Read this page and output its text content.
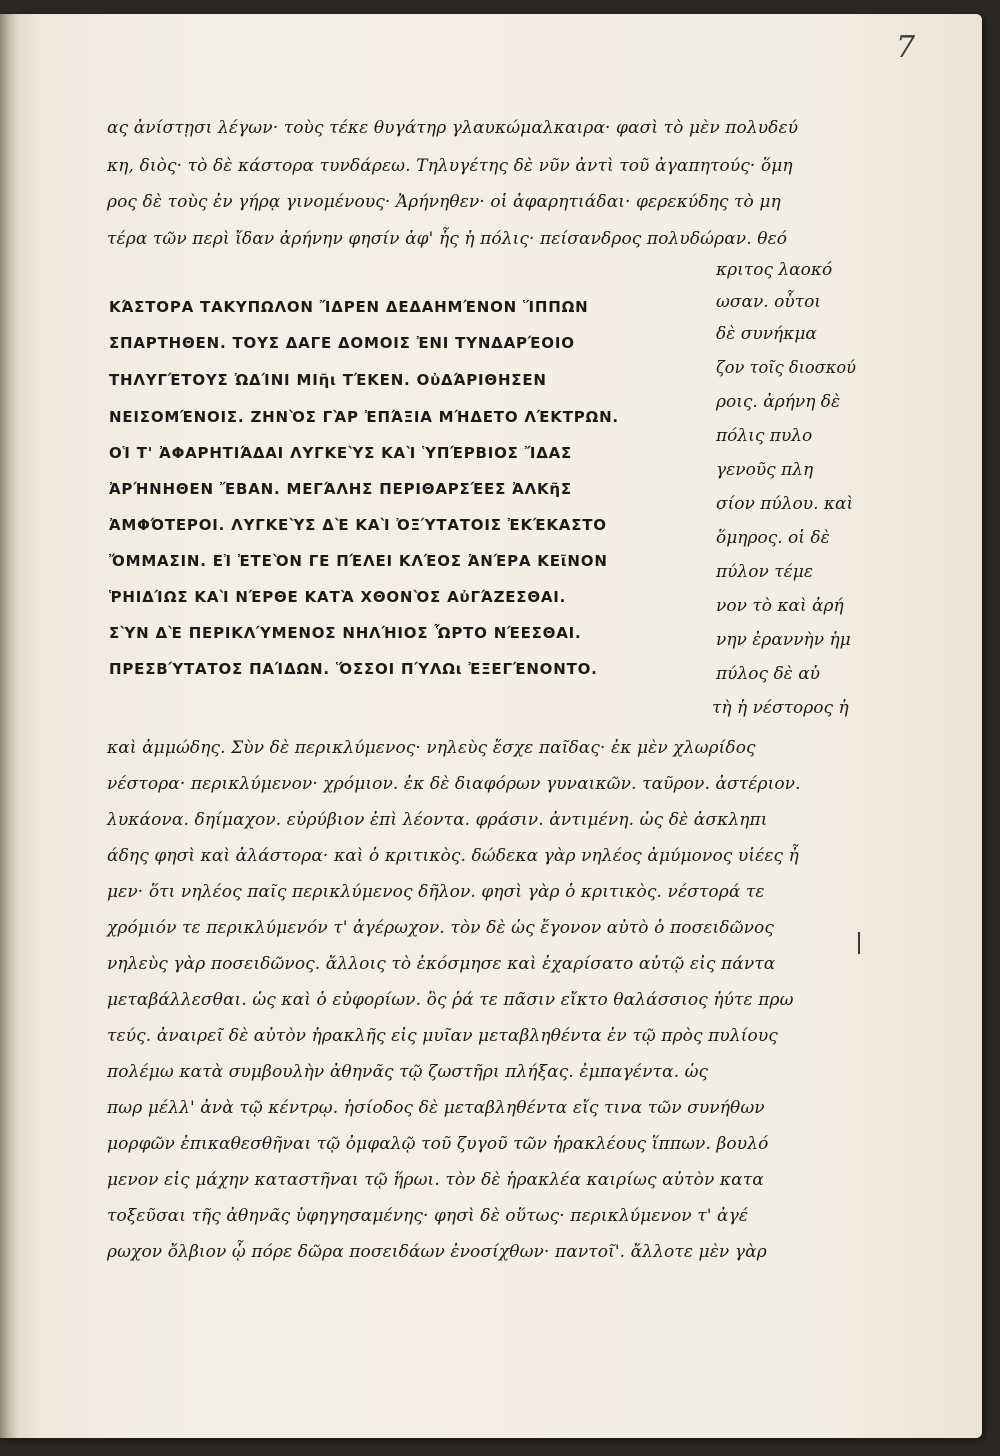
7
ας ἀνίστῃσι λέγων· τοὺς τέκε θυγάτηρ γλαυκώμαλκαιρα· φασὶ τὸ μὲν πολυδεύ
κη, διὸς· τὸ δὲ κάστορα τυνδάρεω. Τηλυγέτης δὲ νῦν ἀντὶ τοῦ ἀγαπητούς· ὅμη
ρος δὲ τοὺς ἐν γήρᾳ γινομένους· Ἀρήνηθεν· οἱ ἀφαρητιάδαι· φερεκύδης τὸ μη
τέρα τῶν περὶ ἴδαν ἀρήνην φησίν ἀφ' ἧς ἡ πόλις· πείσανδρος πολυδώραν. θεό
ΚΆΣΤΟΡΑ ΤΑΚΥΠΩΛΟΝ ἼΔΡΕΝ ΔΕΔΑΗΜΈΝΟΝ ἽΠΠΩΝ
ΣΠΑΡΤΗΘΕΝ. ΤΟΥΣ ΔΑΓΕ ΔΟΜΟΙΣ ἘΝΙ ΤΥΝΔΑΡΈΟΙΟ
ΤΗΛΥΓΈΤΟΥΣ ὨΔΊΝΙ ΜΙῆι ΤΈΚΕΝ. ΟὐΔΆΡΙΘΗΣΕΝ
ΝΕΙΣΟΜΈΝΟΙΣ. ΖΗΝῸΣ ΓᾺΡ ἘΠΆΞΙΑ ΜΉΔΕΤΟ ΛΈΚΤΡΩΝ.
ΟἹ Τ' ἈΦΑΡΗΤΙΆΔΑΙ ΛΥΓΚΕῪΣ ΚΑῚ ὙΠΈΡΒΙΟΣ ἼΔΑΣ
ἈΡΉΝΗΘΕΝ ἜΒΑΝ. ΜΕΓΆΛΗΣ ΠΕΡΙΘΑΡΣΈΕΣ ἈΛΚῆΣ
ἈΜΦΌΤΕΡΟΙ. ΛΥΓΚΕῪΣ ΔῈ ΚΑῚ ὈΞΎΤΑΤΟΙΣ ἘΚΈΚΑΣΤΟ
ὌΜΜΑΣΙΝ. ΕἸ ἘΤΕῸΝ ΓΕ ΠΈΛΕΙ ΚΛΈΟΣ ἈΝΈΡΑ ΚΕῖΝΟΝ
ῬΗΙΔΊΩΣ ΚΑῚ ΝΈΡΘΕ ΚΑΤᾺ ΧΘΟΝῸΣ ΑὐΓΆΖΕΣΘΑΙ.
ΣῪΝ ΔῈ ΠΕΡΙΚΛΎΜΕΝΟΣ ΝΗΛΉΙΟΣ ὯΡΤΟ ΝΈΕΣΘΑΙ.
ΠΡΕΣΒΎΤΑΤΟΣ ΠΑΊΔΩΝ. ὍΣΣΟΙ ΠΎΛΩι ἘΞΕΓΈΝΟΝΤΟ.
κριτος λαοκό
ωσαν. οὗτοι
δὲ συνήκμα
ζον τοῖς διοσκού
ροις. ἀρήνη δὲ
πόλις πυλο
γενοῦς πλη
σίον πύλου. καὶ
ὅμηρος. οἱ δὲ
πύλον τέμε
νον τὸ καὶ ἀρή
νην ἐραννὴν ἡμ
πύλος δὲ αὐ
τὴ ἡ νέστορος ἡ
καὶ ἀμμώδης. Σὺν δὲ περικλύμενος· νηλεὺς ἔσχε παῖδας· ἐκ μὲν χλωρίδος
νέστορα· περικλύμενον· χρόμιον. ἐκ δὲ διαφόρων γυναικῶν. ταῦρον. ἀστέριον.
λυκάονα. δηίμαχον. εὐρύβιον ἐπὶ λέοντα. φράσιν. ἀντιμένη. ὡς δὲ ἀσκληπι
άδης φησὶ καὶ ἀλάστορα· καὶ ὁ κριτικὸς. δώδεκα γὰρ νηλέος ἀμύμονος υἱέες ἦ
μεν· ὅτι νηλέος παῖς περικλύμενος δῆλον. φησὶ γὰρ ὁ κριτικὸς. νέστορά τε
χρόμιόν τε περικλύμενόν τ' ἀγέρωχον. τὸν δὲ ὡς ἔγονον αὐτὸ ὁ ποσειδῶνος
νηλεὺς γὰρ ποσειδῶνος. ἄλλοις τὸ ἐκόσμησε καὶ ἐχαρίσατο αὐτῷ εἰς πάντα
μεταβάλλεσθαι. ὡς καὶ ὁ εὐφορίων. ὃς ῥά τε πᾶσιν εἴκτο θαλάσσιος ἠύτε πρω
τεύς. ἀναιρεῖ δὲ αὐτὸν ἡρακλῆς εἰς μυῖαν μεταβληθέντα ἐν τῷ πρὸς πυλίους
πολέμω κατὰ συμβουλὴν ἀθηνᾶς τῷ ζωστῆρι πλήξας. ἐμπαγέντα. ὡς
πωρ μέλλ' ἀνὰ τῷ κέντρῳ. ἡσίοδος δὲ μεταβληθέντα εἴς τινα τῶν συνήθων
μορφῶν ἐπικαθεσθῆναι τῷ ὀμφαλῷ τοῦ ζυγοῦ τῶν ἡρακλέους ἵππων. βουλό
μενον εἰς μάχην καταστῆναι τῷ ἥρωι. τὸν δὲ ἡρακλέα καιρίως αὐτὸν κατα
τοξεῦσαι τῆς ἀθηνᾶς ὑφηγησαμένης· φησὶ δὲ οὕτως· περικλύμενον τ' ἀγέ
ρωχον ὄλβιον ᾧ πόρε δῶρα ποσειδάων ἐνοσίχθων· παντοῖ'. ἄλλοτε μὲν γὰρ
